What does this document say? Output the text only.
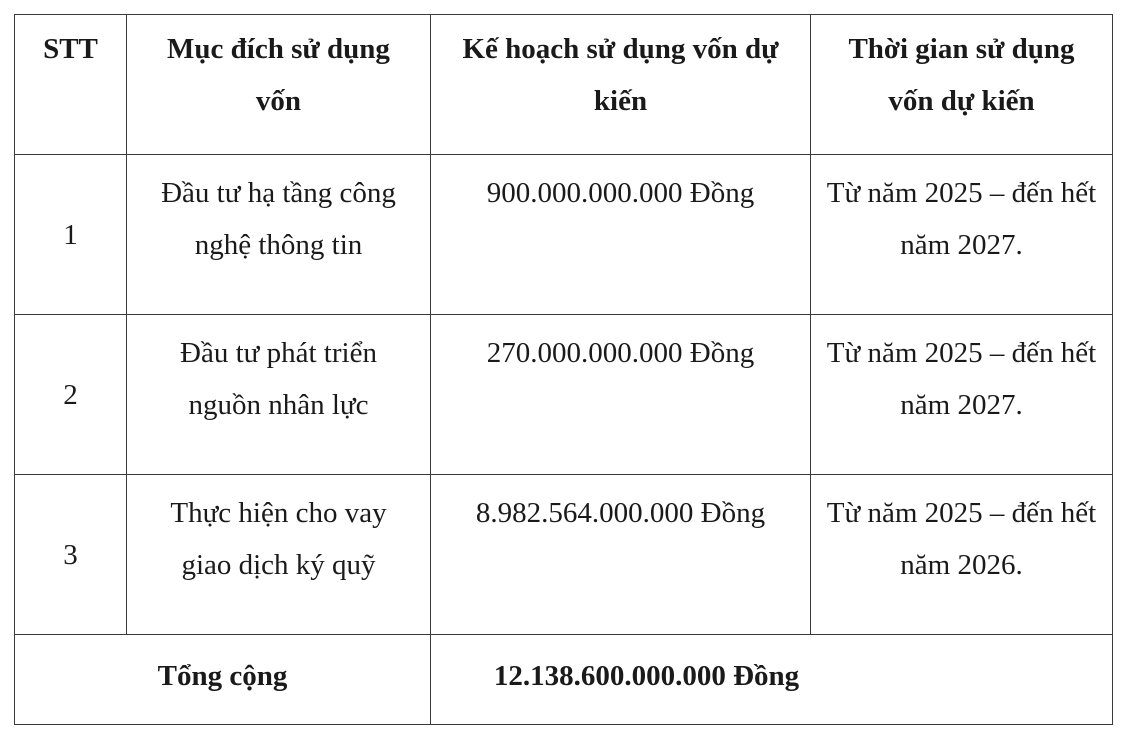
STT	Mục đích sử dụng vốn	Kế hoạch sử dụng vốn dự kiến	Thời gian sử dụng vốn dự kiến

1	Đầu tư hạ tầng công nghệ thông tin	900.000.000.000 Đồng	Từ năm 2025 – đến hết năm 2027.

2	Đầu tư phát triển nguồn nhân lực	270.000.000.000 Đồng	Từ năm 2025 – đến hết năm 2027.

3	Thực hiện cho vay giao dịch ký quỹ	8.982.564.000.000 Đồng	Từ năm 2025 – đến hết năm 2026.

Tổng cộng		12.138.600.000.000 Đồng	
